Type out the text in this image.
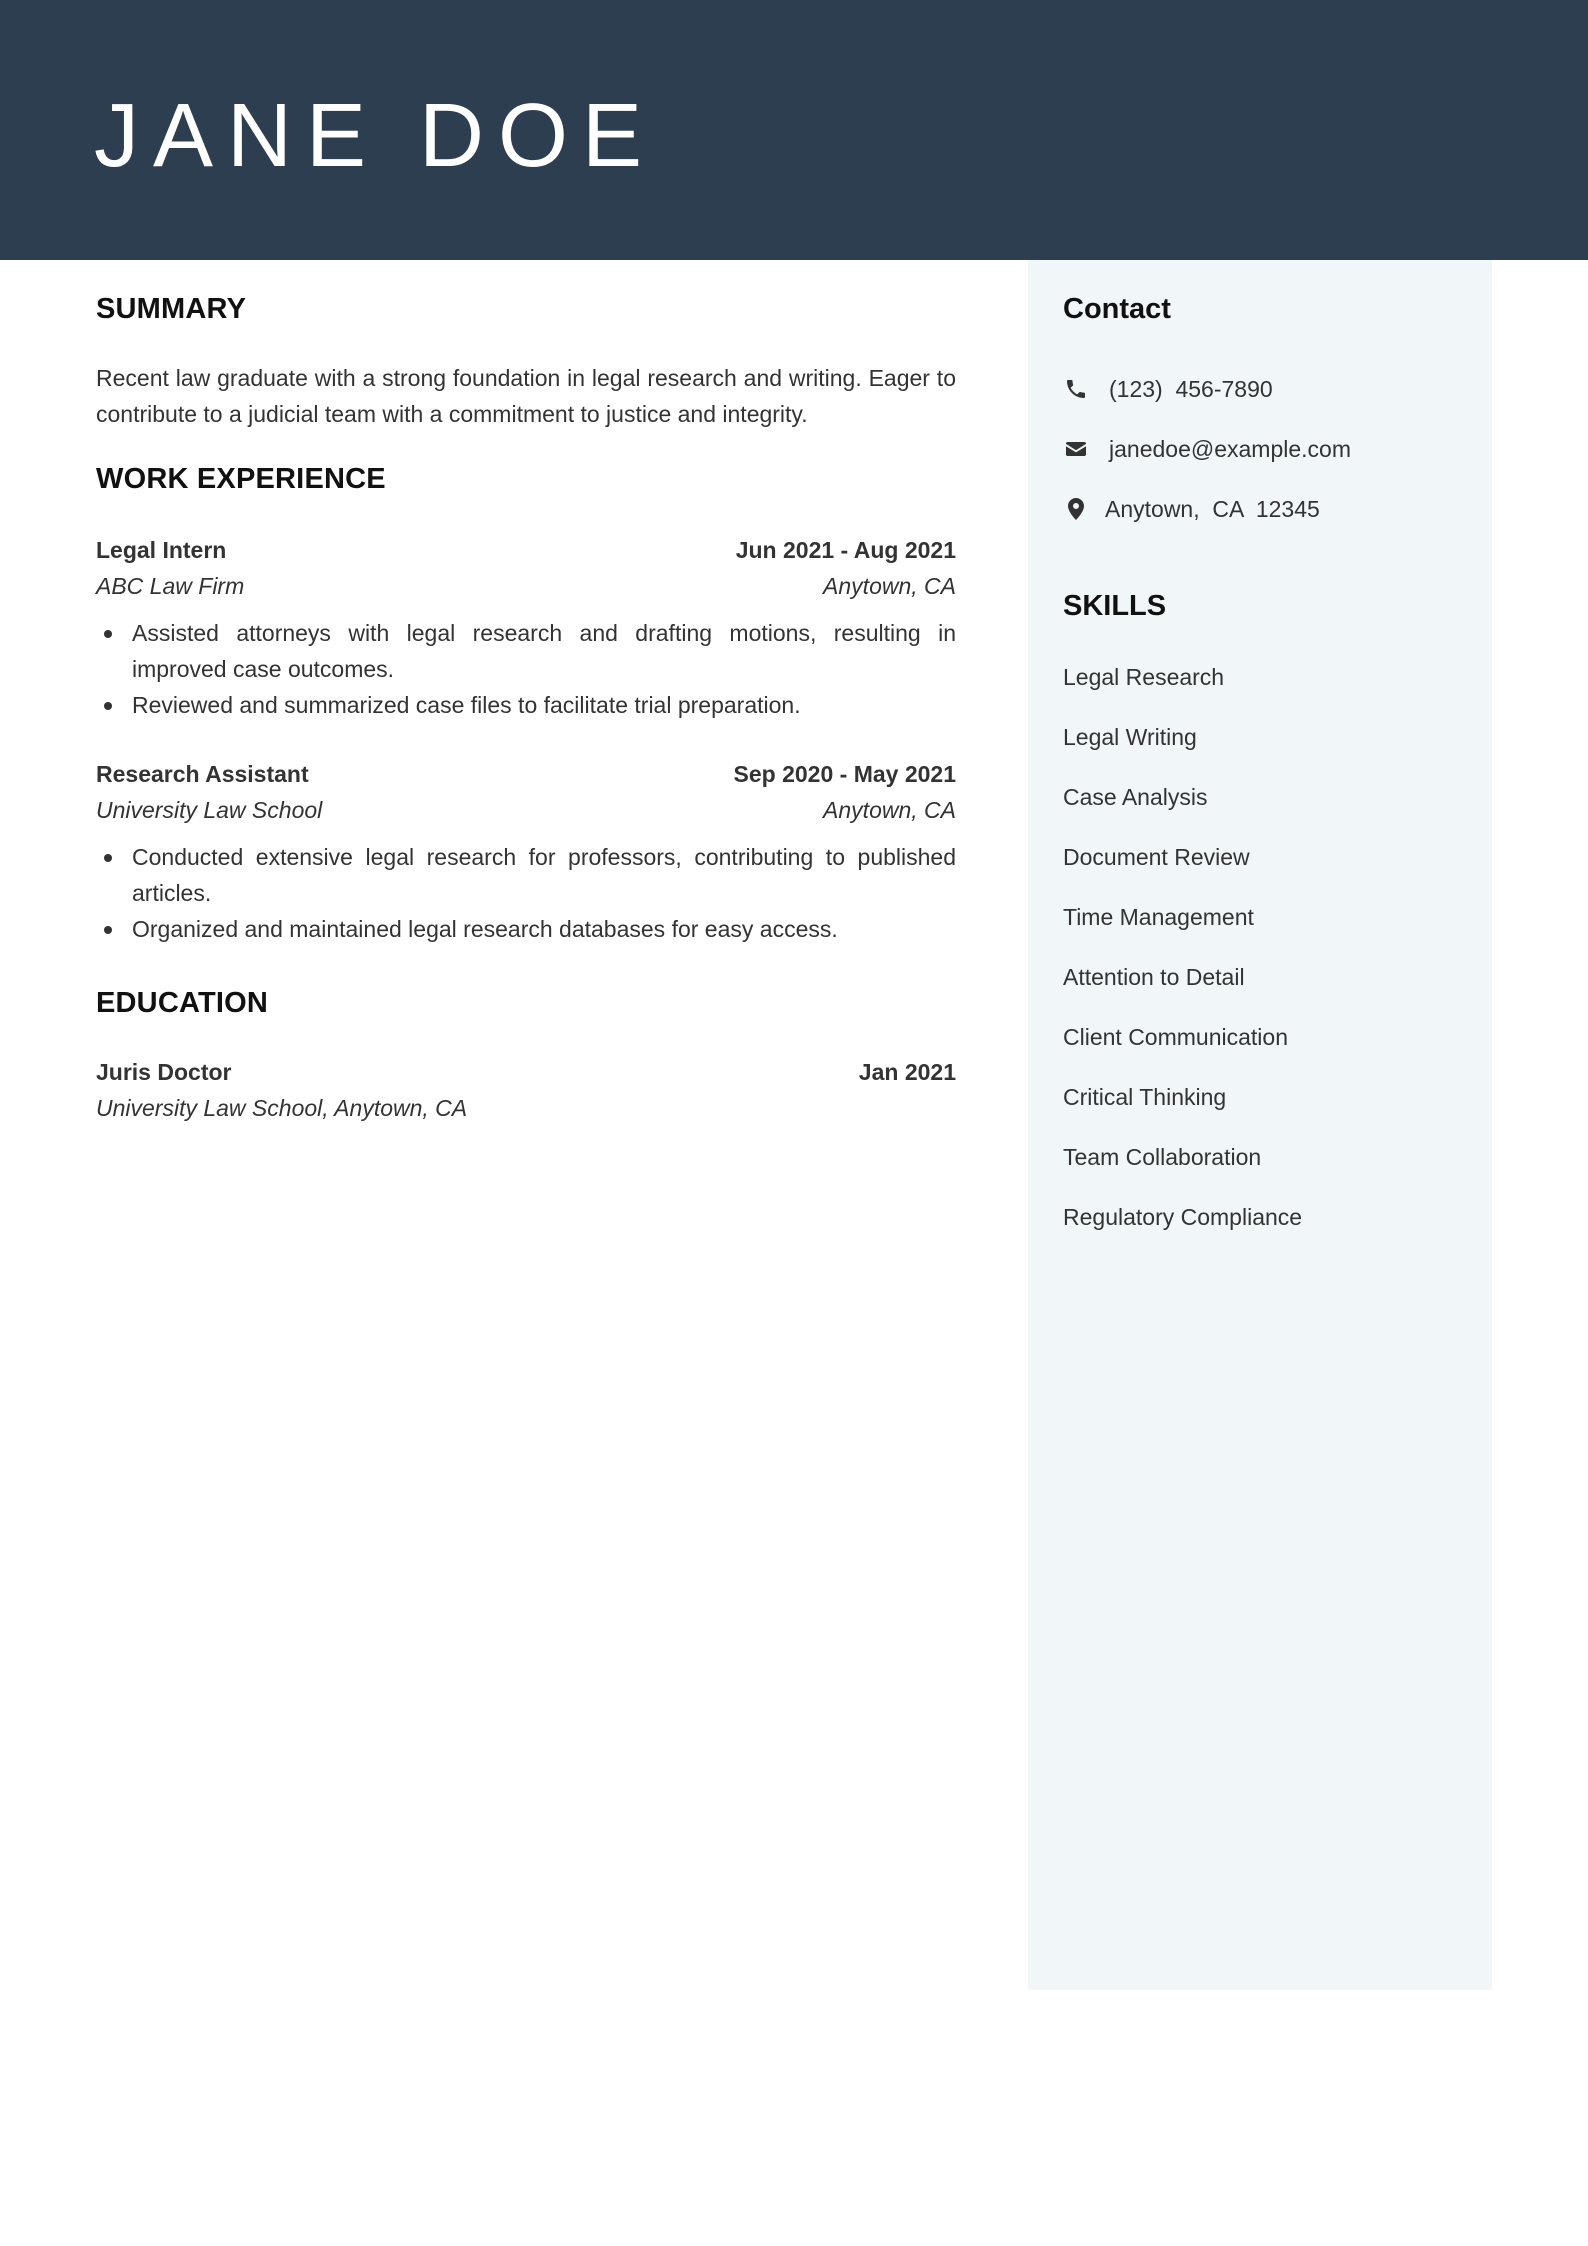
JANE DOE
SUMMARY

Recent law graduate with a strong foundation in legal research and writing. Eager to contribute to a judicial team with a commitment to justice and integrity.

WORK EXPERIENCE
Legal Intern	Jun 2021 - Aug 2021
ABC Law Firm	Anytown, CA
Assisted attorneys with legal research and drafting motions, resulting in improved case outcomes.
Reviewed and summarized case files to facilitate trial preparation.
Research Assistant	Sep 2020 - May 2021
University Law School	Anytown, CA
Conducted extensive legal research for professors, contributing to published articles.
Organized and maintained legal research databases for easy access.
EDUCATION
Juris Doctor	Jan 2021
University Law School, Anytown, CA
Contact
(123)  456-7890
janedoe@example.com
Anytown,  CA  12345
SKILLS
Legal Research
Legal Writing
Case Analysis
Document Review
Time Management
Attention to Detail
Client Communication
Critical Thinking
Team Collaboration
Regulatory Compliance
